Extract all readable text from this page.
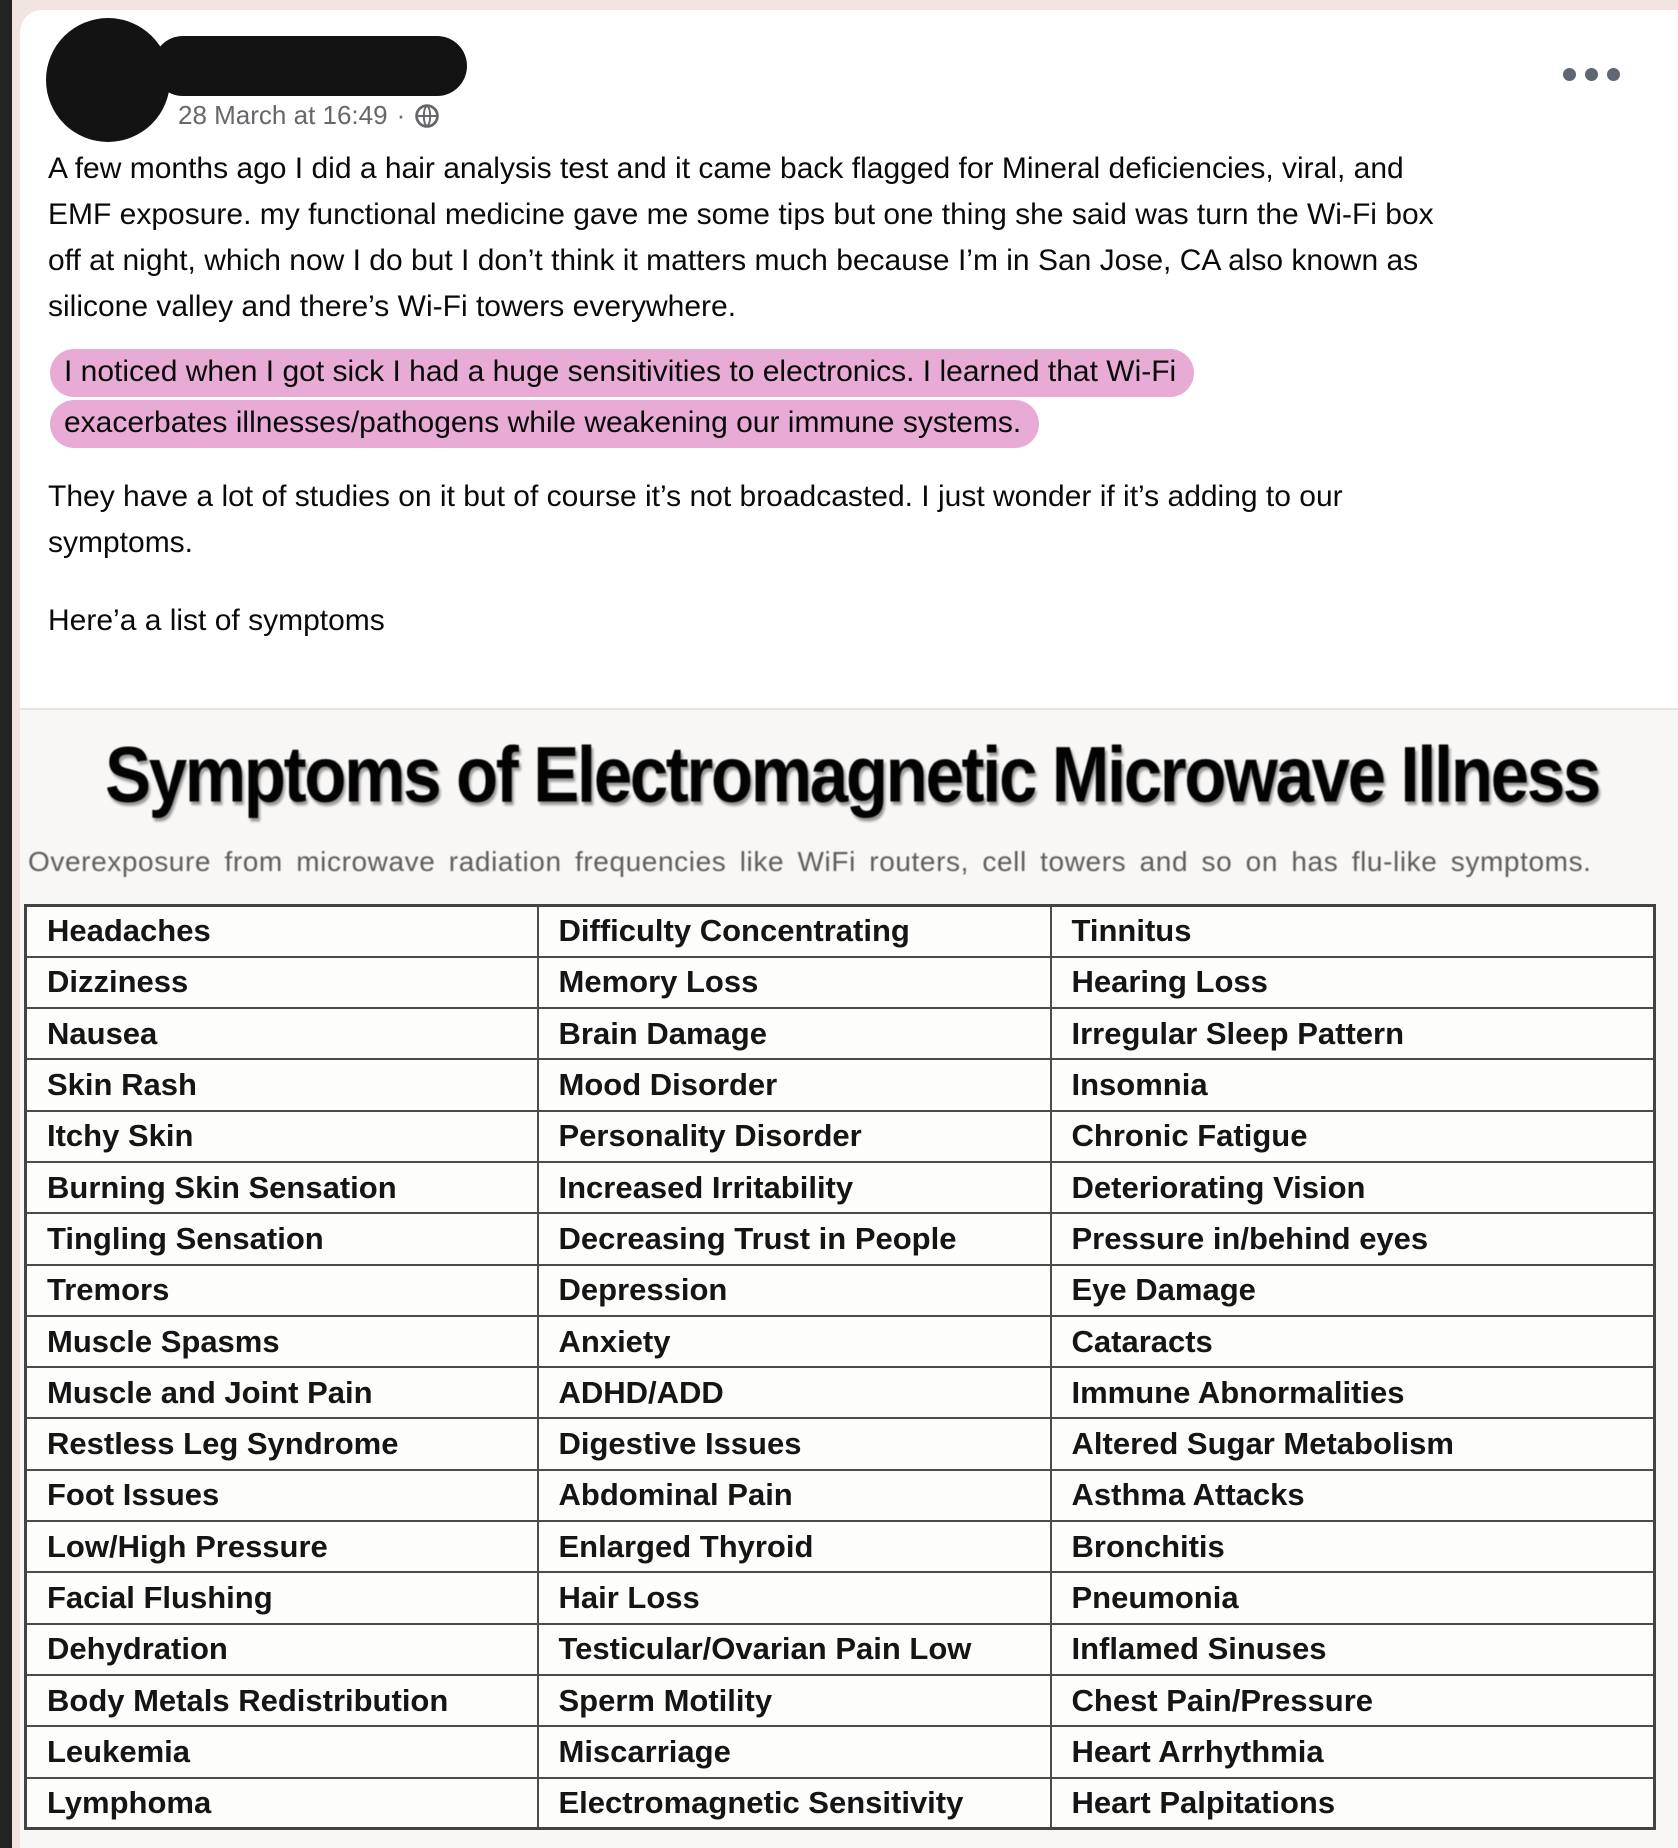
28 March at 16:49 ·

A few months ago I did a hair analysis test and it came back flagged for Mineral deficiencies, viral, and EMF exposure. my functional medicine gave me some tips but one thing she said was turn the Wi-Fi box off at night, which now I do but I don’t think it matters much because I’m in San Jose, CA also known as silicone valley and there’s Wi-Fi towers everywhere.

I noticed when I got sick I had a huge sensitivities to electronics. I learned that Wi-Fi exacerbates illnesses/pathogens while weakening our immune systems.

They have a lot of studies on it but of course it’s not broadcasted. I just wonder if it’s adding to our symptoms.

Here’a a list of symptoms

Symptoms of Electromagnetic Microwave Illness
Overexposure from microwave radiation frequencies like WiFi routers, cell towers and so on has flu-like symptoms.
Headaches	Difficulty Concentrating	Tinnitus
Dizziness	Memory Loss	Hearing Loss
Nausea	Brain Damage	Irregular Sleep Pattern
Skin Rash	Mood Disorder	Insomnia
Itchy Skin	Personality Disorder	Chronic Fatigue
Burning Skin Sensation	Increased Irritability	Deteriorating Vision
Tingling Sensation	Decreasing Trust in People	Pressure in/behind eyes
Tremors	Depression	Eye Damage
Muscle Spasms	Anxiety	Cataracts
Muscle and Joint Pain	ADHD/ADD	Immune Abnormalities
Restless Leg Syndrome	Digestive Issues	Altered Sugar Metabolism
Foot Issues	Abdominal Pain	Asthma Attacks
Low/High Pressure	Enlarged Thyroid	Bronchitis
Facial Flushing	Hair Loss	Pneumonia
Dehydration	Testicular/Ovarian Pain Low	Inflamed Sinuses
Body Metals Redistribution	Sperm Motility	Chest Pain/Pressure
Leukemia	Miscarriage	Heart Arrhythmia
Lymphoma	Electromagnetic Sensitivity	Heart Palpitations
